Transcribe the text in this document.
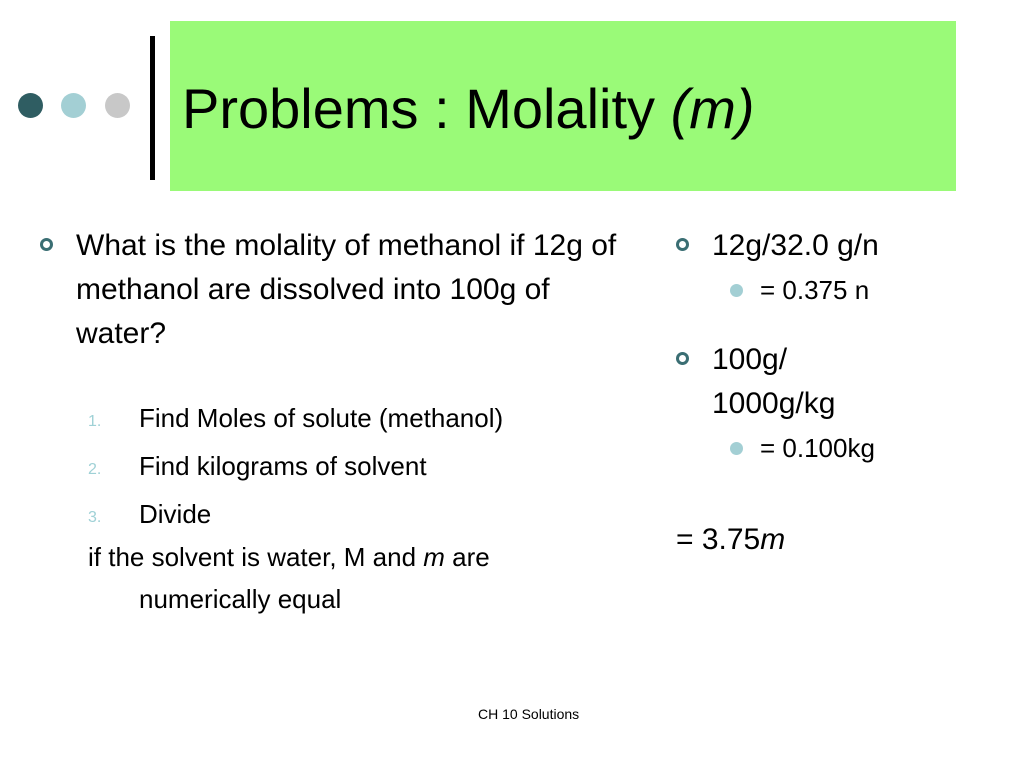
Problems : Molality (m)
What is the molality of methanol if 12g of methanol are dissolved into 100g of water?
1. Find Moles of solute (methanol)
2. Find kilograms of solvent
3. Divide
if the solvent is water, M and m are
numerically equal
12g/32.0 g/n
= 0.375 n
100g/
1000g/kg
= 0.100kg
= 3.75m
CH 10 Solutions
